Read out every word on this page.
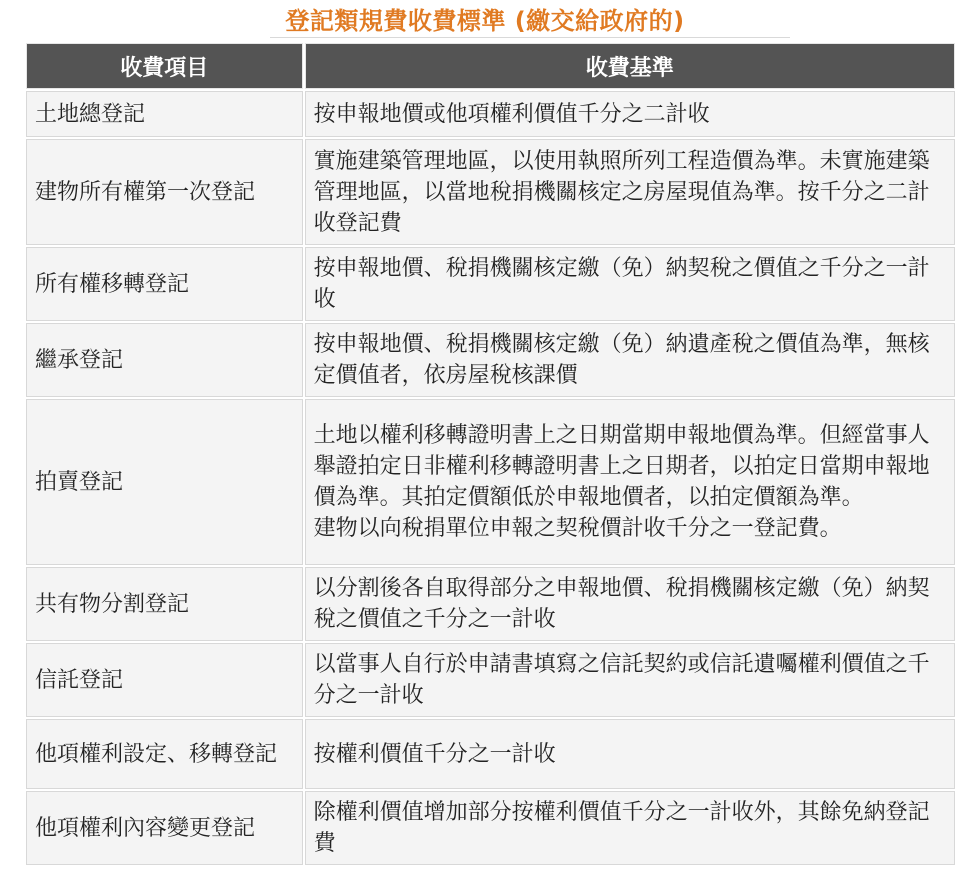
登記類規費收費標準 (繳交給政府的)
收費項目	收費基準
土地總登記	按申報地價或他項權利價值千分之二計收

建物所有權第一次登記	實施建築管理地區，以使用執照所列工程造價為準。未實施建築管理地區，以當地稅捐機關核定之房屋現值為準。按千分之二計收登記費

所有權移轉登記	按申報地價、稅捐機關核定繳（免）納契稅之價值之千分之一計收

繼承登記	按申報地價、稅捐機關核定繳（免）納遺產稅之價值為準，無核定價值者，依房屋稅核課價

拍賣登記	土地以權利移轉證明書上之日期當期申報地價為準。但經當事人舉證拍定日非權利移轉證明書上之日期者，以拍定日當期申報地價為準。其拍定價額低於申報地價者，以拍定價額為準。
建物以向稅捐單位申報之契稅價計收千分之一登記費。

共有物分割登記	以分割後各自取得部分之申報地價、稅捐機關核定繳（免）納契稅之價值之千分之一計收

信託登記	以當事人自行於申請書填寫之信託契約或信託遺囑權利價值之千分之一計收

他項權利設定、移轉登記	按權利價值千分之一計收

他項權利內容變更登記	除權利價值增加部分按權利價值千分之一計收外，其餘免納登記費
